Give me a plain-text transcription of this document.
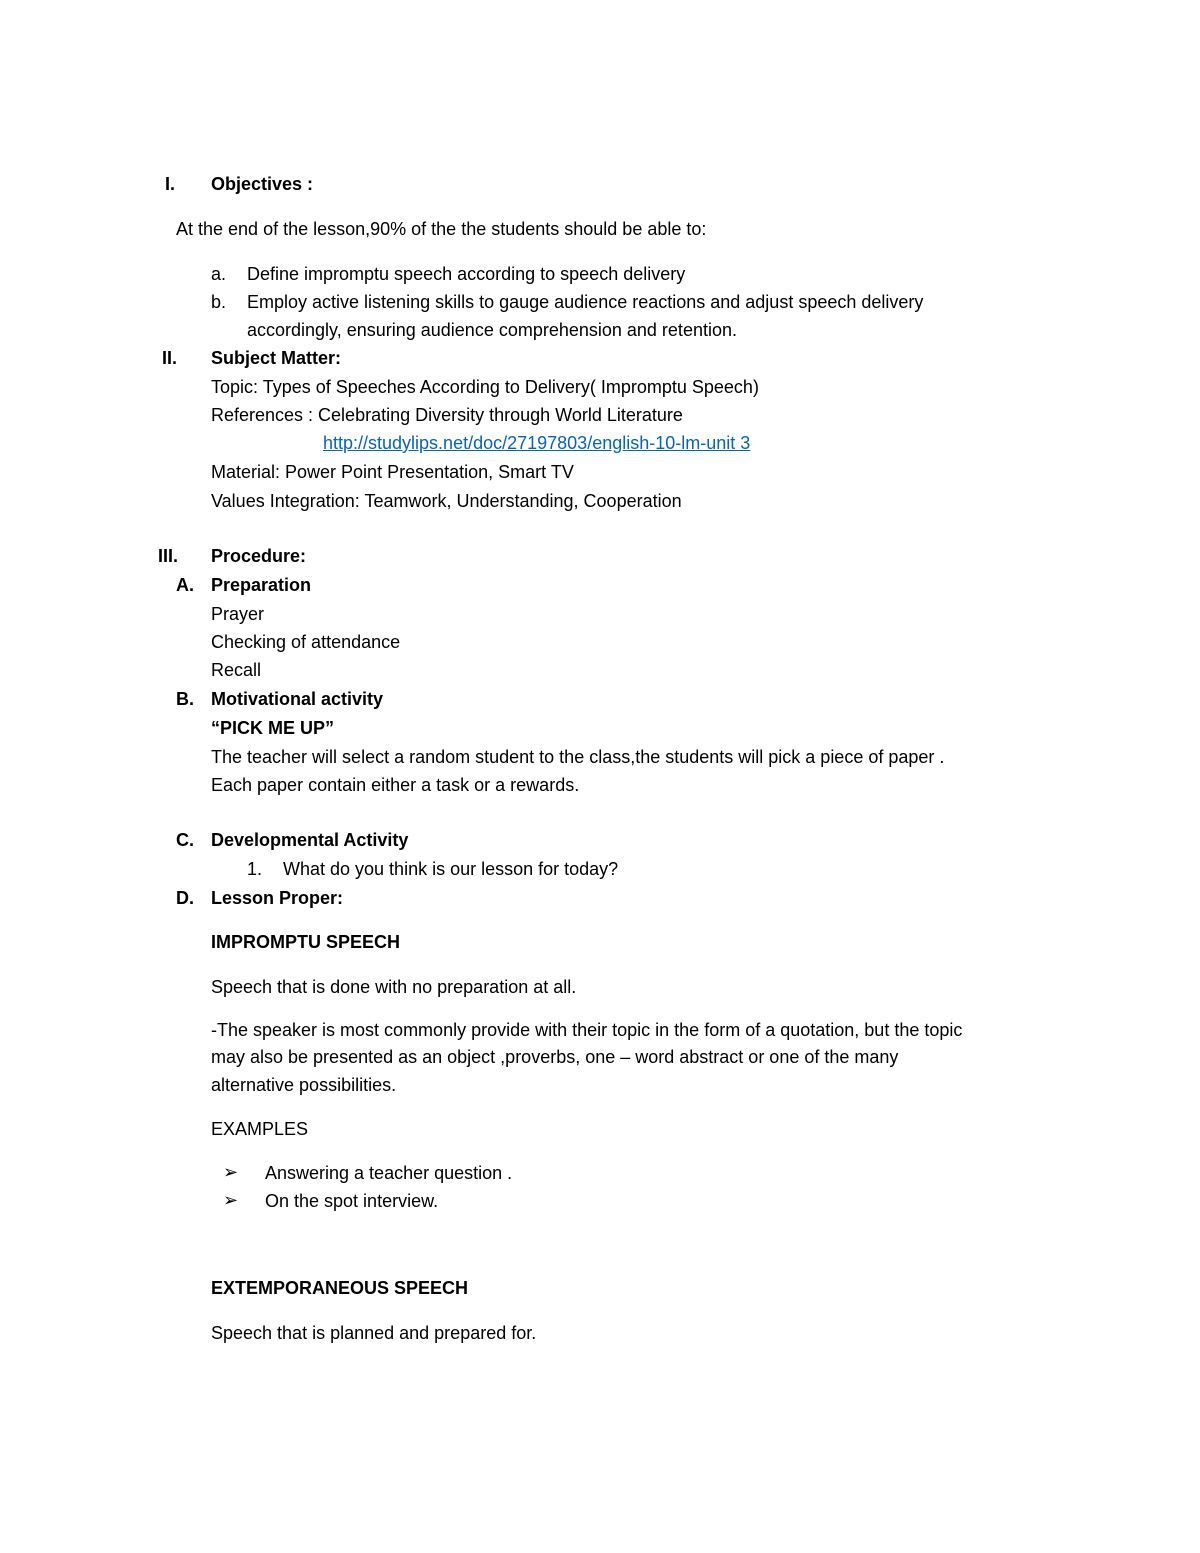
I. Objectives :
At the end of the lesson,90% of the the students should be able to:
a. Define impromptu speech according to speech delivery
b. Employ active listening skills to gauge audience reactions and adjust speech delivery
accordingly, ensuring audience comprehension and retention.
II. Subject Matter:
Topic: Types of Speeches According to Delivery( Impromptu Speech)
References : Celebrating Diversity through World Literature
http://studylips.net/doc/27197803/english-10-lm-unit 3
Material: Power Point Presentation, Smart TV
Values Integration: Teamwork, Understanding, Cooperation
III. Procedure:
A. Preparation
Prayer
Checking of attendance
Recall
B. Motivational activity
“PICK ME UP”
The teacher will select a random student to the class,the students will pick a piece of paper .
Each paper contain either a task or a rewards.
C. Developmental Activity
1. What do you think is our lesson for today?
D. Lesson Proper:
IMPROMPTU SPEECH
Speech that is done with no preparation at all.
-The speaker is most commonly provide with their topic in the form of a quotation, but the topic
may also be presented as an object ,proverbs, one – word abstract or one of the many
alternative possibilities.
EXAMPLES
➢ Answering a teacher question .
➢ On the spot interview.
EXTEMPORANEOUS SPEECH
Speech that is planned and prepared for.
